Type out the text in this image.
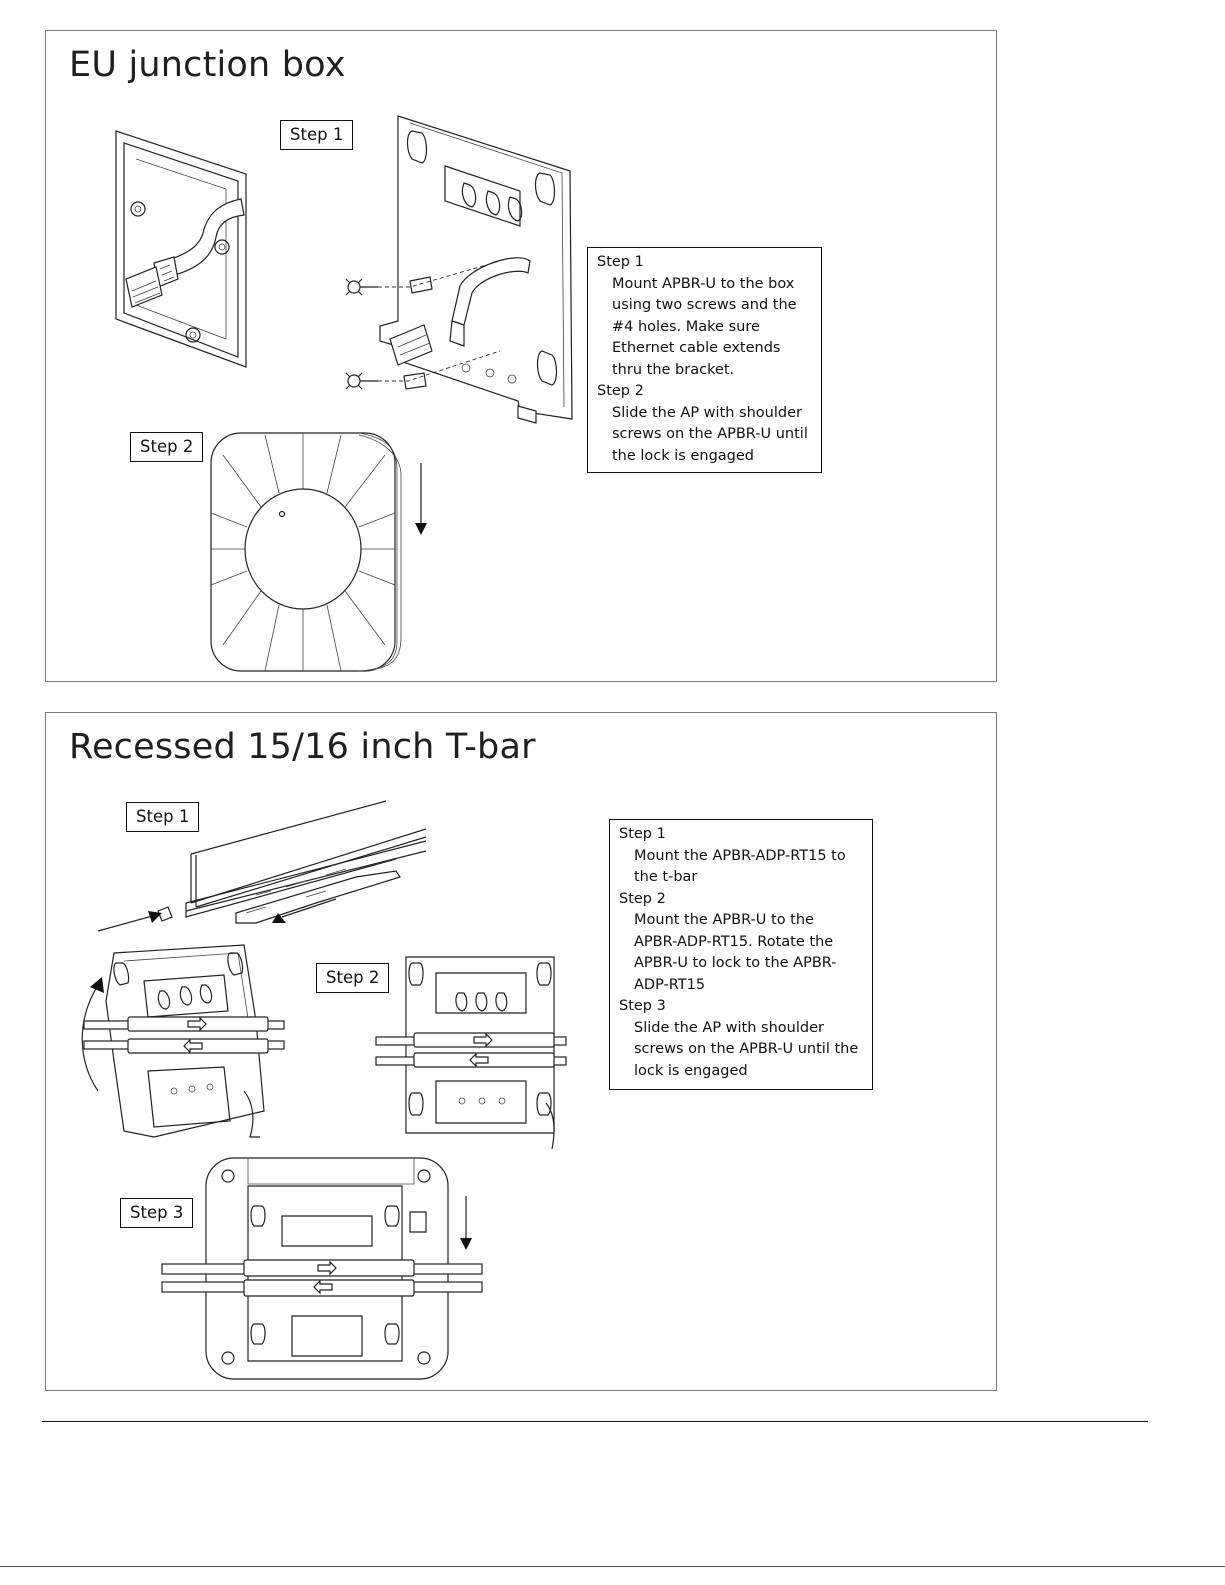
EU junction box
Step 1
Step 2

Step 1

Mount APBR-U to the box

using two screws and the

#4 holes. Make sure

Ethernet cable extends

thru the bracket.

Step 2

Slide the AP with shoulder

screws on the APBR-U until

the lock is engaged

Recessed 15/16 inch T-bar
Step 1
Step 2
Step 3

Step 1

Mount the APBR-ADP-RT15 to

the t-bar

Step 2

Mount the APBR-U to the

APBR-ADP-RT15. Rotate the

APBR-U to lock to the APBR-

ADP-RT15

Step 3

Slide the AP with shoulder

screws on the APBR-U until the

lock is engaged
